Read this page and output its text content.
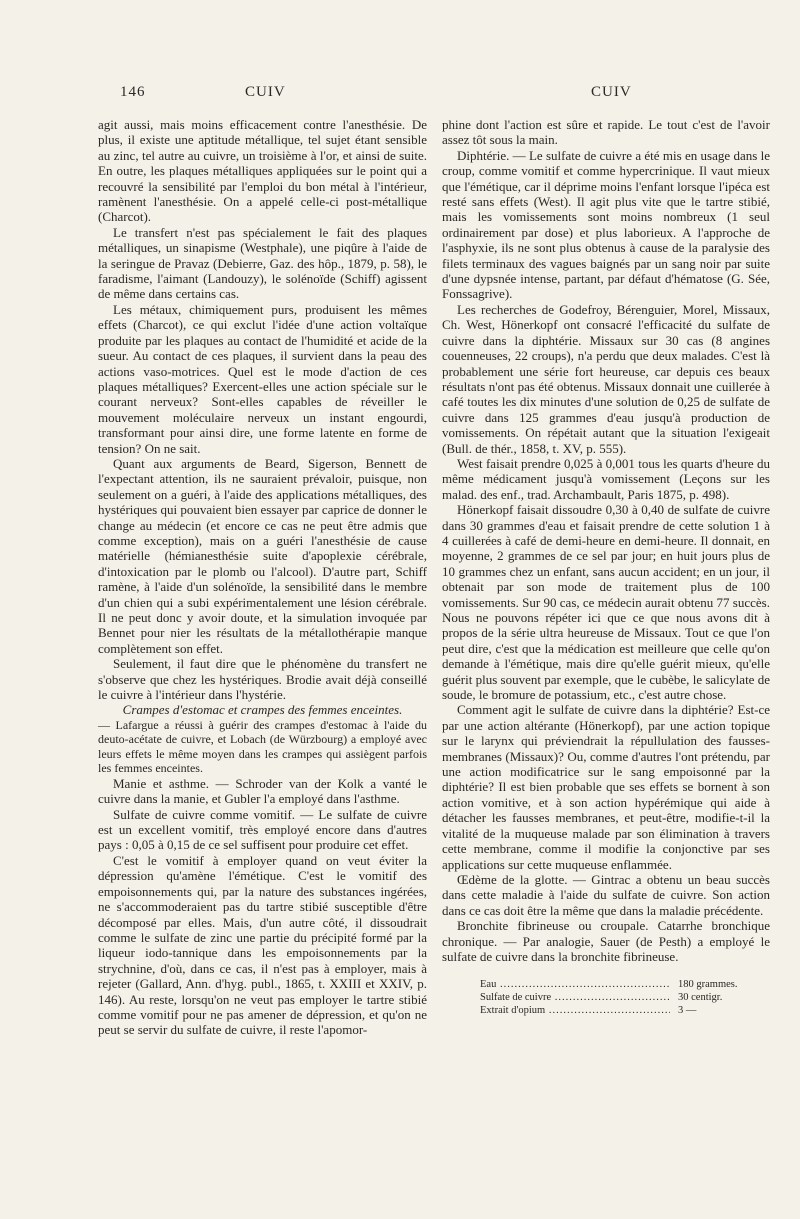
146	CUIV	CUIV

agit aussi, mais moins efficacement contre l'anesthésie. De plus, il existe une aptitude métallique, tel sujet étant sensible au zinc, tel autre au cuivre, un troisième à l'or, et ainsi de suite. En outre, les plaques métalliques appliquées sur le point qui a recouvré la sensibilité par l'emploi du bon métal à l'intérieur, ramènent l'anesthésie. On a appelé celle-ci post-métallique (Charcot).

Le transfert n'est pas spécialement le fait des plaques métalliques, un sinapisme (Westphale), une piqûre à l'aide de la seringue de Pravaz (Debierre, Gaz. des hôp., 1879, p. 58), le faradisme, l'aimant (Landouzy), le solénoïde (Schiff) agissent de même dans certains cas.

Les métaux, chimiquement purs, produisent les mêmes effets (Charcot), ce qui exclut l'idée d'une action voltaïque produite par les plaques au contact de l'humidité et acide de la sueur. Au contact de ces plaques, il survient dans la peau des actions vaso-motrices. Quel est le mode d'action de ces plaques métalliques? Exercent-elles une action spéciale sur le courant nerveux? Sont-elles capables de réveiller le mouvement moléculaire nerveux un instant engourdi, transformant pour ainsi dire, une forme latente en forme de tension? On ne sait.

Quant aux arguments de Beard, Sigerson, Bennett de l'expectant attention, ils ne sauraient prévaloir, puisque, non seulement on a guéri, à l'aide des applications métalliques, des hystériques qui pouvaient bien essayer par caprice de donner le change au médecin (et encore ce cas ne peut être admis que comme exception), mais on a guéri l'anesthésie de cause matérielle (hémianesthésie suite d'apoplexie cérébrale, d'intoxication par le plomb ou l'alcool). D'autre part, Schiff ramène, à l'aide d'un solénoïde, la sensibilité dans le membre d'un chien qui a subi expérimentalement une lésion cérébrale. Il ne peut donc y avoir doute, et la simulation invoquée par Bennet pour nier les résultats de la métallothérapie manque complètement son effet.

Seulement, il faut dire que le phénomène du transfert ne s'observe que chez les hystériques. Brodie avait déjà conseillé le cuivre à l'intérieur dans l'hystérie.

Crampes d'estomac et crampes des femmes enceintes.

— Lafargue a réussi à guérir des crampes d'estomac à l'aide du deuto-acétate de cuivre, et Lobach (de Würzbourg) a employé avec leurs effets le même moyen dans les crampes qui assiègent parfois les femmes enceintes.

Manie et asthme. — Schroder van der Kolk a vanté le cuivre dans la manie, et Gubler l'a employé dans l'asthme.

Sulfate de cuivre comme vomitif. — Le sulfate de cuivre est un excellent vomitif, très employé encore dans d'autres pays : 0,05 à 0,15 de ce sel suffisent pour produire cet effet.

C'est le vomitif à employer quand on veut éviter la dépression qu'amène l'émétique. C'est le vomitif des empoisonnements qui, par la nature des substances ingérées, ne s'accommoderaient pas du tartre stibié susceptible d'être décomposé par elles. Mais, d'un autre côté, il dissoudrait comme le sulfate de zinc une partie du précipité formé par la liqueur iodo-tannique dans les empoisonnements par la strychnine, d'où, dans ce cas, il n'est pas à employer, mais à rejeter (Gallard, Ann. d'hyg. publ., 1865, t. XXIII et XXIV, p. 146). Au reste, lorsqu'on ne veut pas employer le tartre stibié comme vomitif pour ne pas amener de dépression, et qu'on ne peut se servir du sulfate de cuivre, il reste l'apomor-

phine dont l'action est sûre et rapide. Le tout c'est de l'avoir assez tôt sous la main.

Diphtérie. — Le sulfate de cuivre a été mis en usage dans le croup, comme vomitif et comme hypercrinique. Il vaut mieux que l'émétique, car il déprime moins l'enfant lorsque l'ipéca est resté sans effets (West). Il agit plus vite que le tartre stibié, mais les vomissements sont moins nombreux (1 seul ordinairement par dose) et plus laborieux. A l'approche de l'asphyxie, ils ne sont plus obtenus à cause de la paralysie des filets terminaux des vagues baignés par un sang noir par suite d'une dypsnée intense, partant, par défaut d'hématose (G. Sée, Fonssagrive).

Les recherches de Godefroy, Bérenguier, Morel, Missaux, Ch. West, Hönerkopf ont consacré l'efficacité du sulfate de cuivre dans la diphtérie. Missaux sur 30 cas (8 angines couenneuses, 22 croups), n'a perdu que deux malades. C'est là probablement une série fort heureuse, car depuis ces beaux résultats n'ont pas été obtenus. Missaux donnait une cuillerée à café toutes les dix minutes d'une solution de 0,25 de sulfate de cuivre dans 125 grammes d'eau jusqu'à production de vomissements. On répétait autant que la situation l'exigeait (Bull. de thér., 1858, t. XV, p. 555).

West faisait prendre 0,025 à 0,001 tous les quarts d'heure du même médicament jusqu'à vomissement (Leçons sur les malad. des enf., trad. Archambault, Paris 1875, p. 498).

Hönerkopf faisait dissoudre 0,30 à 0,40 de sulfate de cuivre dans 30 grammes d'eau et faisait prendre de cette solution 1 à 4 cuillerées à café de demi-heure en demi-heure. Il donnait, en moyenne, 2 grammes de ce sel par jour; en huit jours plus de 10 grammes chez un enfant, sans aucun accident; en un jour, il obtenait par son mode de traitement plus de 100 vomissements. Sur 90 cas, ce médecin aurait obtenu 77 succès. Nous ne pouvons répéter ici que ce que nous avons dit à propos de la série ultra heureuse de Missaux. Tout ce que l'on peut dire, c'est que la médication est meilleure que celle qu'on demande à l'émétique, mais dire qu'elle guérit mieux, qu'elle guérit plus souvent par exemple, que le cubèbe, le salicylate de soude, le bromure de potassium, etc., c'est autre chose.

Comment agit le sulfate de cuivre dans la diphtérie? Est-ce par une action altérante (Hönerkopf), par une action topique sur le larynx qui préviendrait la répullulation des fausses-membranes (Missaux)? Ou, comme d'autres l'ont prétendu, par une action modificatrice sur le sang empoisonné par la diphtérie? Il est bien probable que ses effets se bornent à son action vomitive, et à son action hypérémique qui aide à détacher les fausses membranes, et peut-être, modifie-t-il la vitalité de la muqueuse malade par son élimination à travers cette membrane, comme il modifie la conjonctive par ses applications sur cette muqueuse enflammée.

Œdème de la glotte. — Gintrac a obtenu un beau succès dans cette maladie à l'aide du sulfate de cuivre. Son action dans ce cas doit être la même que dans la maladie précédente.

Bronchite fibrineuse ou croupale. Catarrhe bronchique chronique. — Par analogie, Sauer (de Pesth) a employé le sulfate de cuivre dans la bronchite fibrineuse.

Eau .....	180 grammes.
Sulfate de cuivre .....	30 centigr.
Extrait d'opium .....	3 —
